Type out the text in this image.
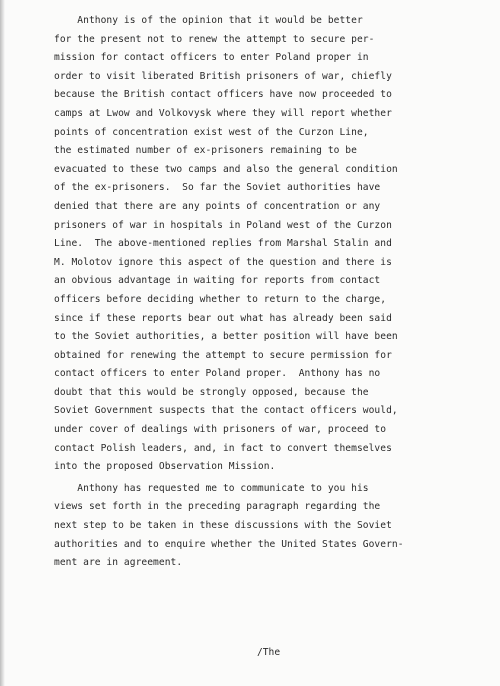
Anthony is of the opinion that it would be better
for the present not to renew the attempt to secure per-
mission for contact officers to enter Poland proper in
order to visit liberated British prisoners of war, chiefly
because the British contact officers have now proceeded to
camps at Lwow and Volkovysk where they will report whether
points of concentration exist west of the Curzon Line,
the estimated number of ex-prisoners remaining to be
evacuated to these two camps and also the general condition
of the ex-prisoners.  So far the Soviet authorities have
denied that there are any points of concentration or any
prisoners of war in hospitals in Poland west of the Curzon
Line.  The above-mentioned replies from Marshal Stalin and
M. Molotov ignore this aspect of the question and there is
an obvious advantage in waiting for reports from contact
officers before deciding whether to return to the charge,
since if these reports bear out what has already been said
to the Soviet authorities, a better position will have been
obtained for renewing the attempt to secure permission for
contact officers to enter Poland proper.  Anthony has no
doubt that this would be strongly opposed, because the
Soviet Government suspects that the contact officers would,
under cover of dealings with prisoners of war, proceed to
contact Polish leaders, and, in fact to convert themselves
into the proposed Observation Mission.
Anthony has requested me to communicate to you his
views set forth in the preceding paragraph regarding the
next step to be taken in these discussions with the Soviet
authorities and to enquire whether the United States Govern-
ment are in agreement.
/The
